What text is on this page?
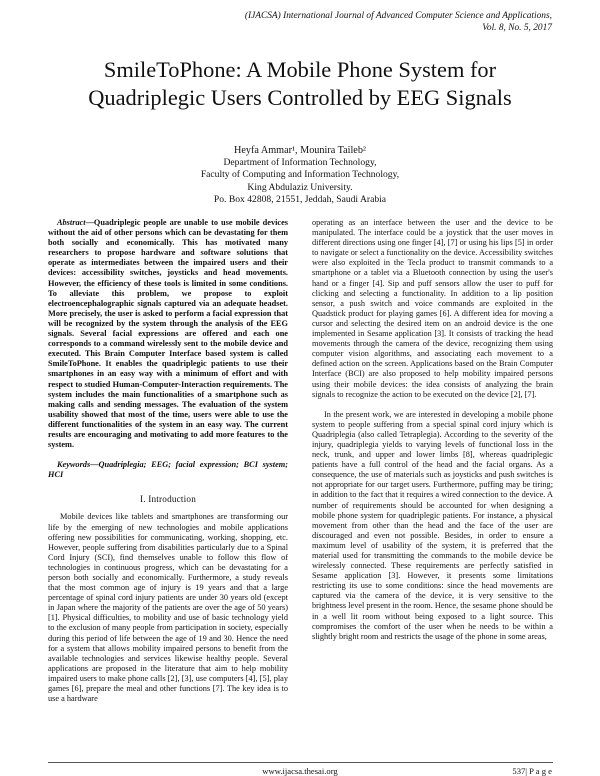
(IJACSA) International Journal of Advanced Computer Science and Applications,
Vol. 8, No. 5, 2017
SmileToPhone: A Mobile Phone System for
Quadriplegic Users Controlled by EEG Signals
Heyfa Ammar¹, Mounira Taileb²
Department of Information Technology,
Faculty of Computing and Information Technology,
King Abdulaziz University.
Po. Box 42808, 21551, Jeddah, Saudi Arabia

Abstract—Quadriplegic people are unable to use mobile devices without the aid of other persons which can be devastating for them both socially and economically. This has motivated many researchers to propose hardware and software solutions that operate as intermediates between the impaired users and their devices: accessibility switches, joysticks and head movements. However, the efficiency of these tools is limited in some conditions. To alleviate this problem, we propose to exploit electroencephalographic signals captured via an adequate headset. More precisely, the user is asked to perform a facial expression that will be recognized by the system through the analysis of the EEG signals. Several facial expressions are offered and each one corresponds to a command wirelessly sent to the mobile device and executed. This Brain Computer Interface based system is called SmileToPhone. It enables the quadriplegic patients to use their smartphones in an easy way with a minimum of effort and with respect to studied Human-Computer-Interaction requirements. The system includes the main functionalities of a smartphone such as making calls and sending messages. The evaluation of the system usability showed that most of the time, users were able to use the different functionalities of the system in an easy way. The current results are encouraging and motivating to add more features to the system.

Keywords—Quadriplegia; EEG; facial expression; BCI system; HCI

I. Introduction

Mobile devices like tablets and smartphones are transforming our life by the emerging of new technologies and mobile applications offering new possibilities for communicating, working, shopping, etc. However, people suffering from disabilities particularly due to a Spinal Cord Injury (SCI), find themselves unable to follow this flow of technologies in continuous progress, which can be devastating for a person both socially and economically. Furthermore, a study reveals that the most common age of injury is 19 years and that a large percentage of spinal cord injury patients are under 30 years old (except in Japan where the majority of the patients are over the age of 50 years) [1]. Physical difficulties, to mobility and use of basic technology yield to the exclusion of many people from participation in society, especially during this period of life between the age of 19 and 30. Hence the need for a system that allows mobility impaired persons to benefit from the available technologies and services likewise healthy people. Several applications are proposed in the literature that aim to help mobility impaired users to make phone calls [2], [3], use computers [4], [5], play games [6], prepare the meal and other functions [7]. The key idea is to use a hardware

operating as an interface between the user and the device to be manipulated. The interface could be a joystick that the user moves in different directions using one finger [4], [7] or using his lips [5] in order to navigate or select a functionality on the device. Accessibility switches were also exploited in the Tecla product to transmit commands to a smartphone or a tablet via a Bluetooth connection by using the user's hand or a finger [4]. Sip and puff sensors allow the user to puff for clicking and selecting a functionality. In addition to a lip position sensor, a push switch and voice commands are exploited in the Quadstick product for playing games [6]. A different idea for moving a cursor and selecting the desired item on an android device is the one implemented in Sesame application [3]. It consists of tracking the head movements through the camera of the device, recognizing them using computer vision algorithms, and associating each movement to a defined action on the screen. Applications based on the Brain Computer Interface (BCI) are also proposed to help mobility impaired persons using their mobile devices: the idea consists of analyzing the brain signals to recognize the action to be executed on the device [2], [7].

In the present work, we are interested in developing a mobile phone system to people suffering from a special spinal cord injury which is Quadriplegia (also called Tetraplegia). According to the severity of the injury, quadriplegia yields to varying levels of functional loss in the neck, trunk, and upper and lower limbs [8], whereas quadriplegic patients have a full control of the head and the facial organs. As a consequence, the use of materials such as joysticks and push switches is not appropriate for our target users. Furthermore, puffing may be tiring; in addition to the fact that it requires a wired connection to the device. A number of requirements should be accounted for when designing a mobile phone system for quadriplegic patients. For instance, a physical movement from other than the head and the face of the user are discouraged and even not possible. Besides, in order to ensure a maximum level of usability of the system, it is preferred that the material used for transmitting the commands to the mobile device be wirelessly connected. These requirements are perfectly satisfied in Sesame application [3]. However, it presents some limitations restricting its use to some conditions: since the head movements are captured via the camera of the device, it is very sensitive to the brightness level present in the room. Hence, the sesame phone should be in a well lit room without being exposed to a light source. This compromises the comfort of the user when he needs to be within a slightly bright room and restricts the usage of the phone in some areas,

www.ijacsa.thesai.org	537| P a g e
